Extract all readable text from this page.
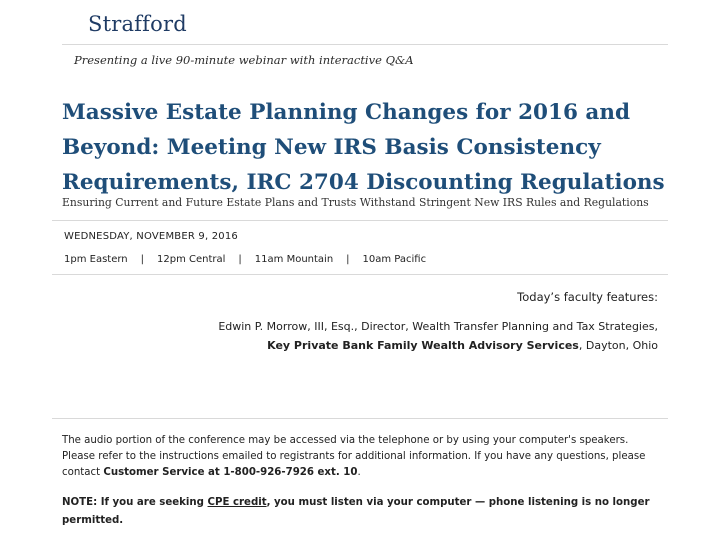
Strafford
Presenting a live 90-minute webinar with interactive Q&A
Massive Estate Planning Changes for 2016 and
Beyond: Meeting New IRS Basis Consistency
Requirements, IRC 2704 Discounting Regulations
Ensuring Current and Future Estate Plans and Trusts Withstand Stringent New IRS Rules and Regulations
WEDNESDAY, NOVEMBER 9, 2016
1pm Eastern | 12pm Central | 11am Mountain | 10am Pacific
Today’s faculty features:
Edwin P. Morrow, III, Esq., Director, Wealth Transfer Planning and Tax Strategies,
Key Private Bank Family Wealth Advisory Services, Dayton, Ohio
The audio portion of the conference may be accessed via the telephone or by using your computer's speakers. Please refer to the instructions emailed to registrants for additional information. If you have any questions, please contact Customer Service at 1-800-926-7926 ext. 10.
NOTE: If you are seeking CPE credit, you must listen via your computer — phone listening is no longer permitted.
